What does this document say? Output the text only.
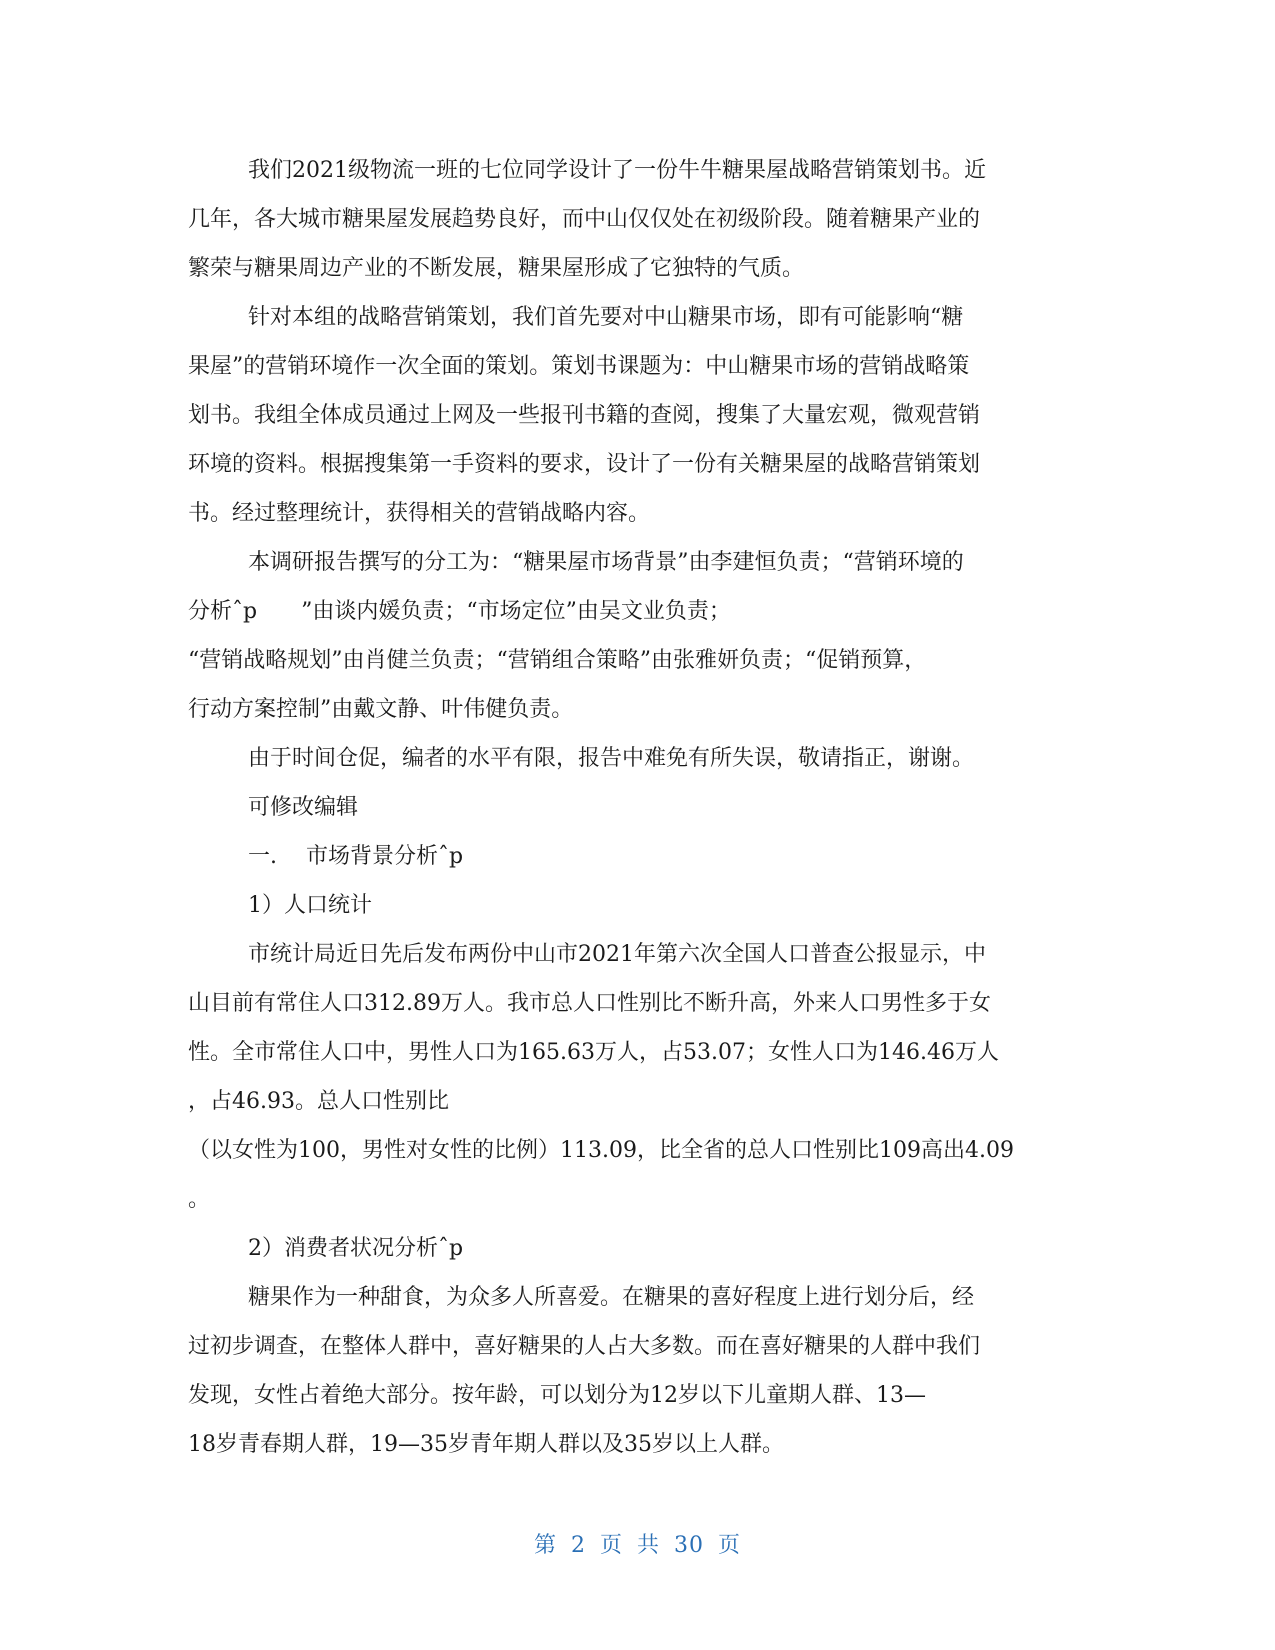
我们2021级物流一班的七位同学设计了一份牛牛糖果屋战略营销策划书。近
几年，各大城市糖果屋发展趋势良好，而中山仅仅处在初级阶段。随着糖果产业的
繁荣与糖果周边产业的不断发展，糖果屋形成了它独特的气质。
针对本组的战略营销策划，我们首先要对中山糖果市场，即有可能影响“糖
果屋”的营销环境作一次全面的策划。策划书课题为：中山糖果市场的营销战略策
划书。我组全体成员通过上网及一些报刊书籍的查阅，搜集了大量宏观，微观营销
环境的资料。根据搜集第一手资料的要求，设计了一份有关糖果屋的战略营销策划
书。经过整理统计，获得相关的营销战略内容。
本调研报告撰写的分工为：“糖果屋市场背景”由李建恒负责；“营销环境的
分析ˆp　　”由谈内媛负责；“市场定位”由吴文业负责；
“营销战略规划”由肖健兰负责；“营销组合策略”由张雅妍负责；“促销预算，
行动方案控制”由戴文静、叶伟健负责。
由于时间仓促，编者的水平有限，报告中难免有所失误，敬请指正，谢谢。
可修改编辑
一.　 市场背景分析ˆp
1）人口统计
市统计局近日先后发布两份中山市2021年第六次全国人口普查公报显示，中
山目前有常住人口312.89万人。我市总人口性别比不断升高，外来人口男性多于女
性。全市常住人口中，男性人口为165.63万人，占53.07；女性人口为146.46万人
，占46.93。总人口性别比
（以女性为100，男性对女性的比例）113.09，比全省的总人口性别比109高出4.09
。
2）消费者状况分析ˆp
糖果作为一种甜食，为众多人所喜爱。在糖果的喜好程度上进行划分后，经
过初步调查，在整体人群中，喜好糖果的人占大多数。而在喜好糖果的人群中我们
发现，女性占着绝大部分。按年龄，可以划分为12岁以下儿童期人群、13—
18岁青春期人群，19—35岁青年期人群以及35岁以上人群。
第 2 页 共 30 页
